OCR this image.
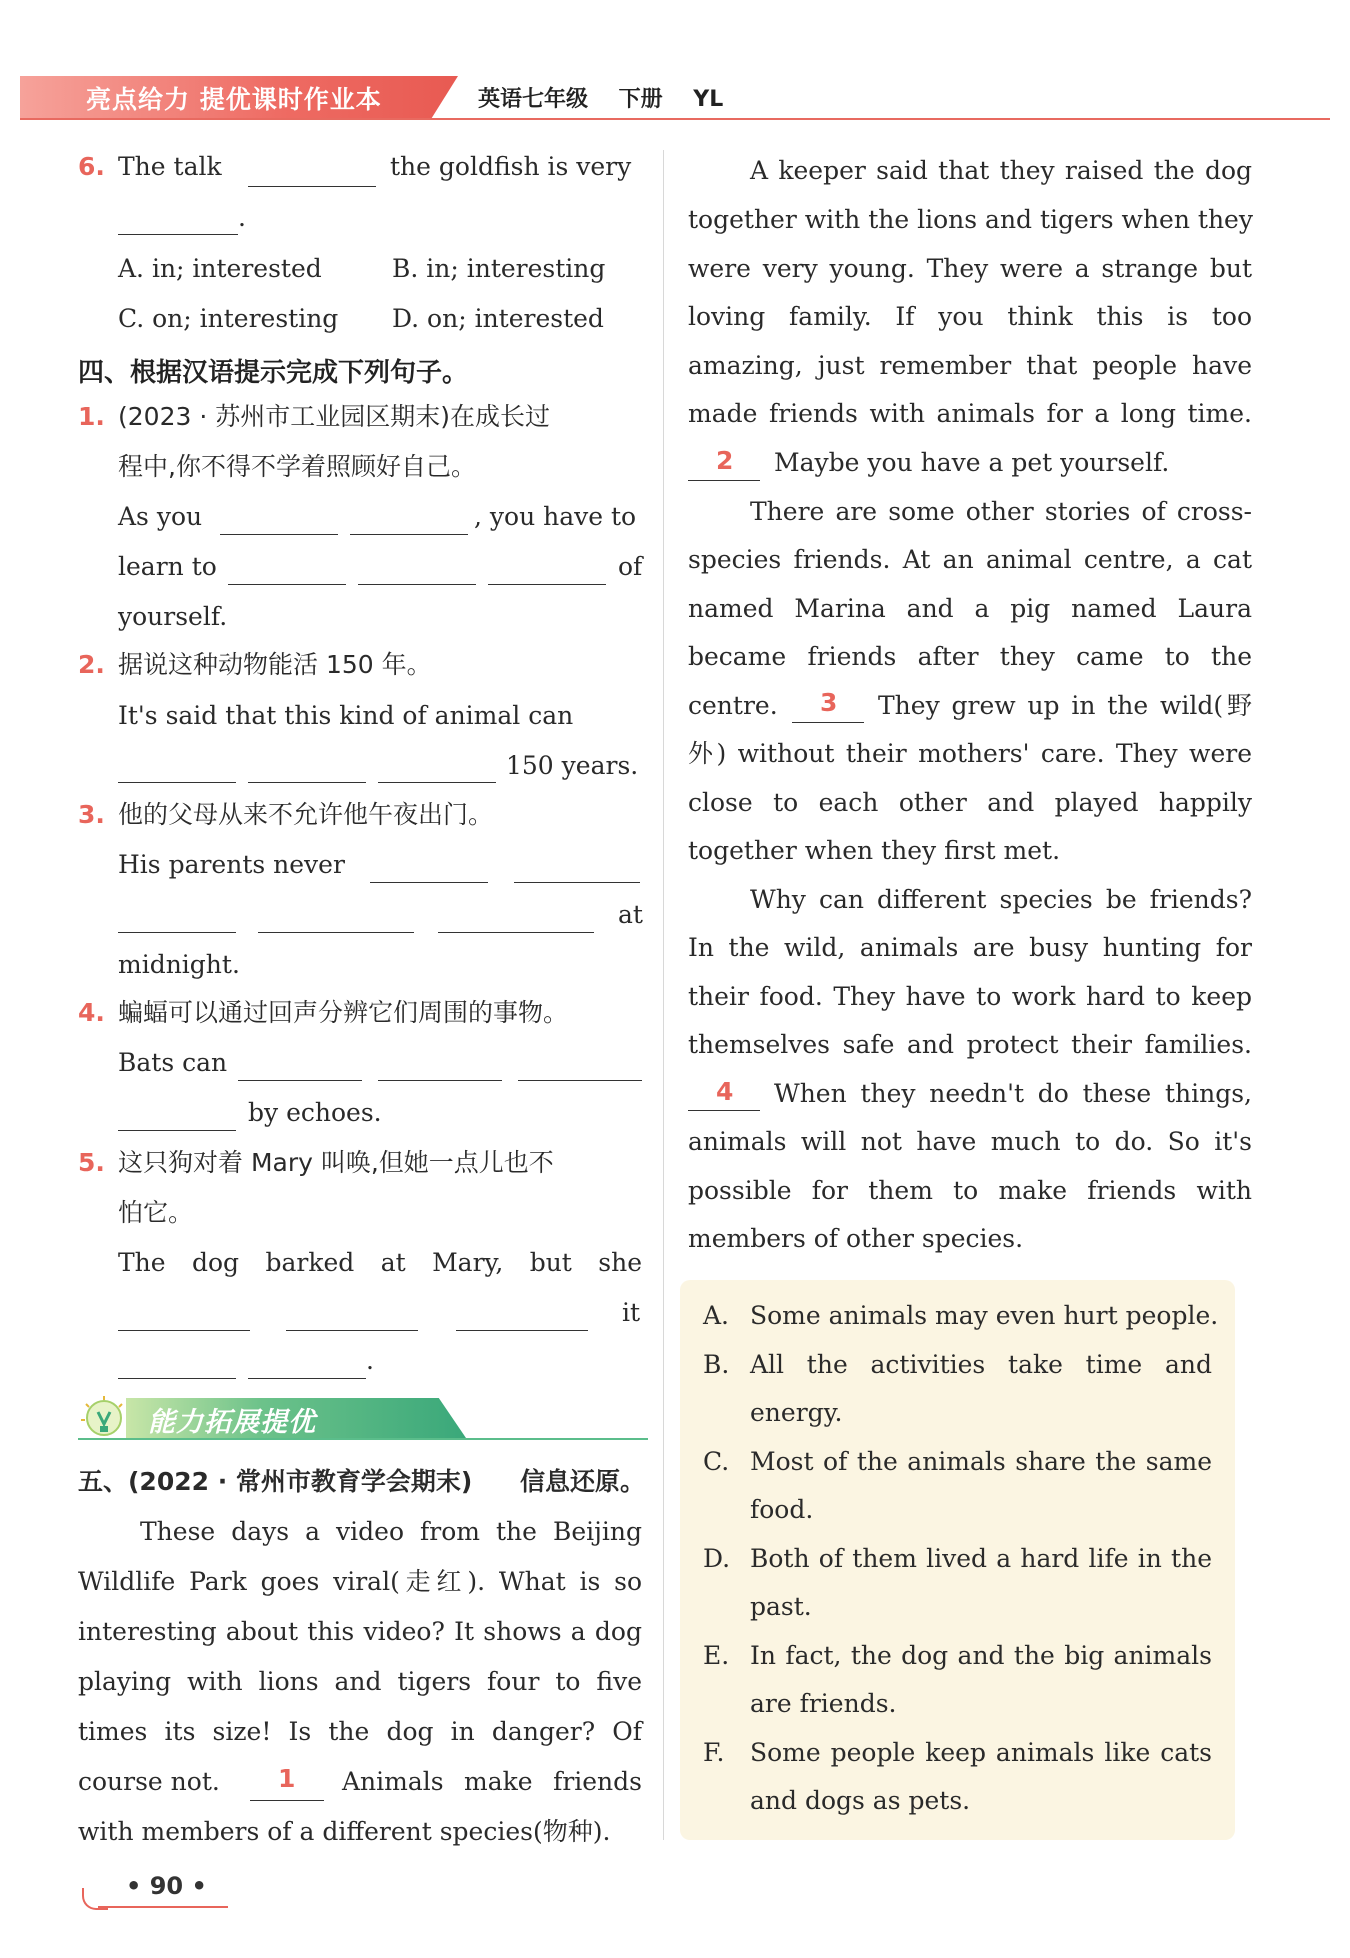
亮点给力 提优课时作业本	英语七年级    下册    YL
6. The talk	the goldfish is very
.
A. in; interested	B. in; interesting
C. on; interesting D. on; interested
四、根据汉语提示完成下列句子。
1. (2023 · 苏州市工业园区期末)在成长过
程中,你不得不学着照顾好自己。
As you	, you have to
learn to	of
yourself.
2. 据说这种动物能活 150 年。
It's said that this kind of animal can
150 years.
3. 他的父母从来不允许他午夜出门。
His parents never
at
midnight.
4. 蝙蝠可以通过回声分辨它们周围的事物。
Bats can
by echoes.
5. 这只狗对着 Mary 叫唤,但她一点儿也不
怕它。
The dog barked at Mary, but she
it
.
能力拓展提优
五、(2022 · 常州市教育学会期末) 信息还原。
These days a video from the Beijing
Wildlife Park goes viral(走红). What is so
interesting about this video? It shows a dog
playing with lions and tigers four to five
times its size! Is the dog in danger? Of
course not. 1 Animals make friends
with members of a different species(物种).
A keeper said that they raised the dog
together with the lions and tigers when they
were very young. They were a strange but
loving family. If you think this is too
amazing, just remember that people have
made friends with animals for a long time.
2 Maybe you have a pet yourself.
There are some other stories of cross-
species friends. At an animal centre, a cat
named Marina and a pig named Laura
became friends after they came to the
centre. 3 They grew up in the wild(野
外) without their mothers' care. They were
close to each other and played happily
together when they first met.
Why can different species be friends?
In the wild, animals are busy hunting for
their food. They have to work hard to keep
themselves safe and protect their families.
4 When they needn't do these things,
animals will not have much to do. So it's
possible for them to make friends with
members of other species.
A. Some animals may even hurt people.
B. All the activities take time and
energy.
C. Most of the animals share the same
food.
D. Both of them lived a hard life in the
past.
E. In fact, the dog and the big animals
are friends.
F. Some people keep animals like cats
and dogs as pets.
• 90 •
